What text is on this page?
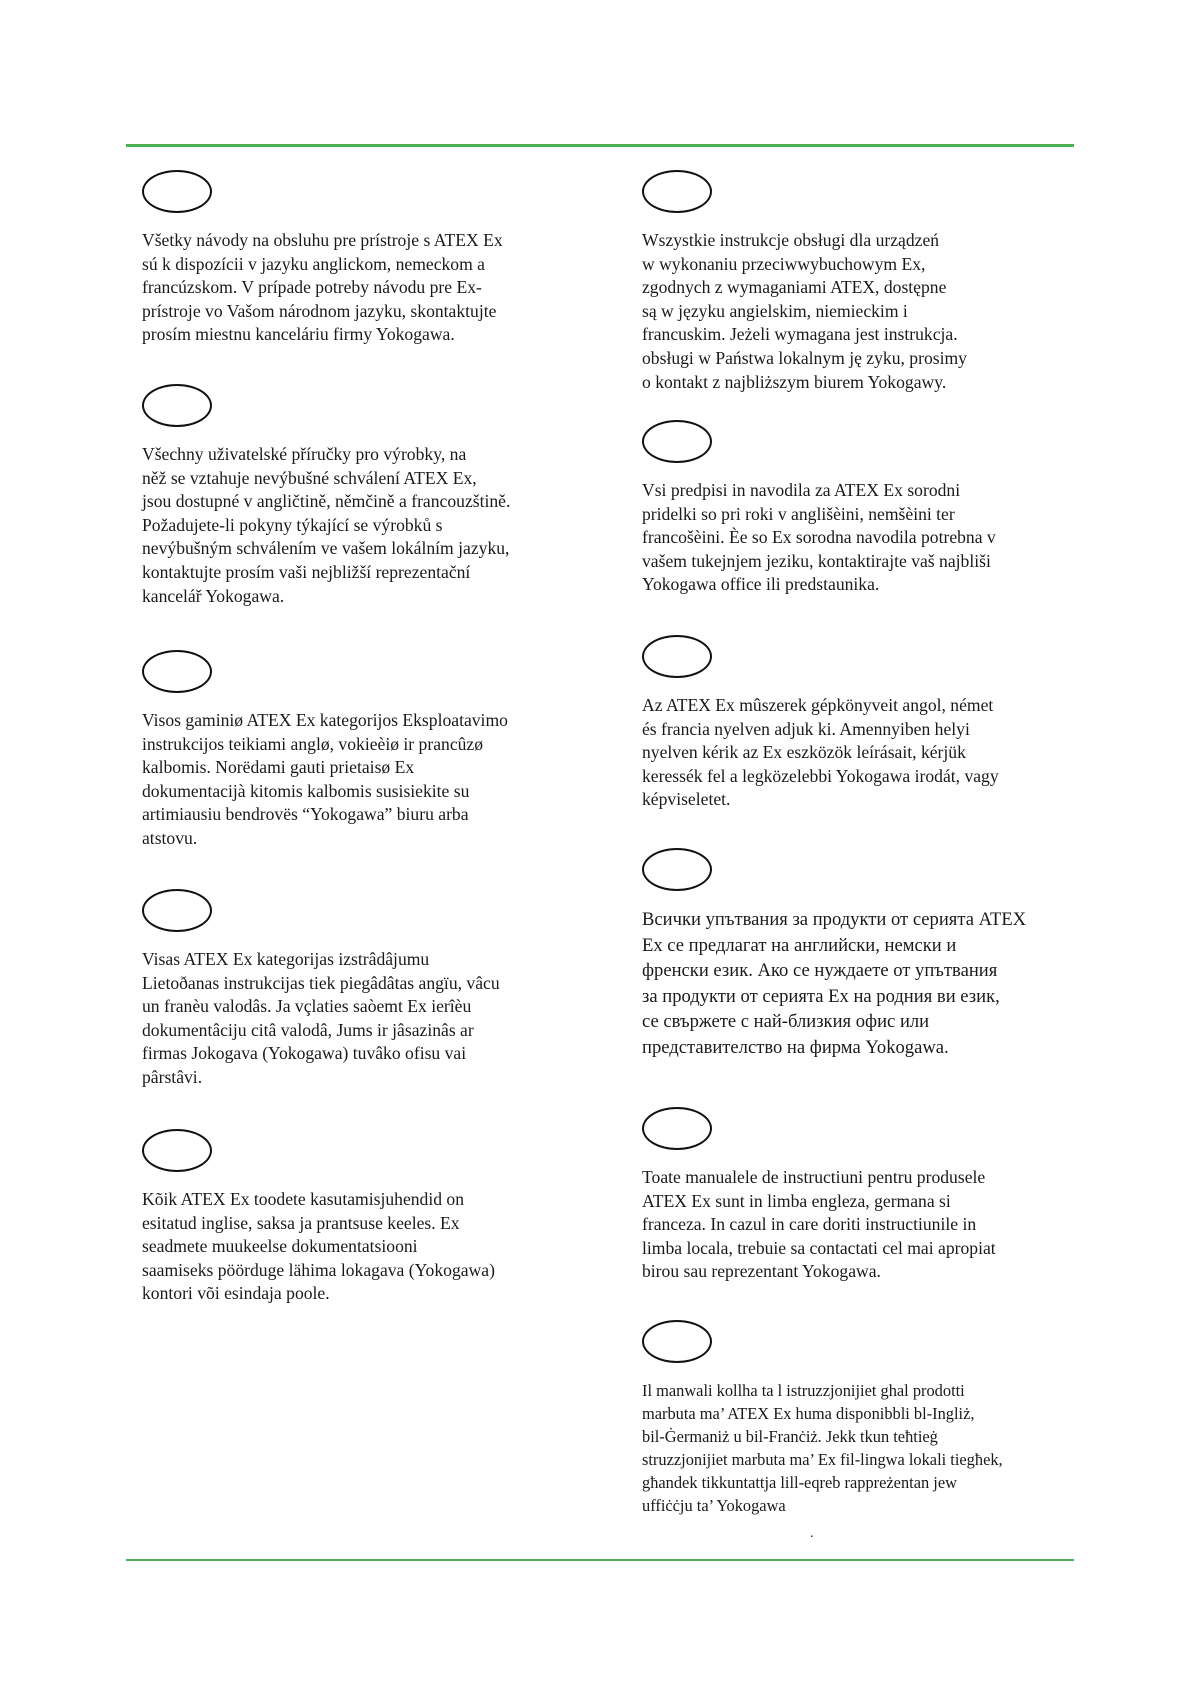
Všetky návody na obsluhu pre prístroje s ATEX Ex
sú k dispozícii v jazyku anglickom, nemeckom a
francúzskom. V prípade potreby návodu pre Ex-
prístroje vo Vašom národnom jazyku, skontaktujte
prosím miestnu kanceláriu firmy Yokogawa.
Všechny uživatelské příručky pro výrobky, na
něž se vztahuje nevýbušné schválení ATEX Ex,
jsou dostupné v angličtině, němčině a francouzštině.
Požadujete-li pokyny týkající se výrobků s
nevýbušným schválením ve vašem lokálním jazyku,
kontaktujte prosím vaši nejbližší reprezentační
kancelář Yokogawa.
Visos gaminiø ATEX Ex kategorijos Eksploatavimo
instrukcijos teikiami anglø, vokieèiø ir prancûzø
kalbomis. Norëdami gauti prietaisø Ex
dokumentacijà kitomis kalbomis susisiekite su
artimiausiu bendrovës “Yokogawa” biuru arba
atstovu.
Visas ATEX Ex kategorijas izstrâdâjumu
Lietoðanas instrukcijas tiek piegâdâtas angïu, vâcu
un franèu valodâs. Ja vçlaties saòemt Ex ierîèu
dokumentâciju citâ valodâ, Jums ir jâsazinâs ar
firmas Jokogava (Yokogawa) tuvâko ofisu vai
pârstâvi.
Kõik ATEX Ex toodete kasutamisjuhendid on
esitatud inglise, saksa ja prantsuse keeles. Ex
seadmete muukeelse dokumentatsiooni
saamiseks pöörduge lähima lokagava (Yokogawa)
kontori või esindaja poole.
Wszystkie instrukcje obsługi dla urządzeń
w wykonaniu przeciwwybuchowym Ex,
zgodnych z wymaganiami ATEX, dostępne
są w języku angielskim, niemieckim i
francuskim. Jeżeli wymagana jest instrukcja.
obsługi w Państwa lokalnym ję zyku, prosimy
o kontakt z najbliższym biurem Yokogawy.
Vsi predpisi in navodila za ATEX Ex sorodni
pridelki so pri roki v anglišèini, nemšèini ter
francošèini. Èe so Ex sorodna navodila potrebna v
vašem tukejnjem jeziku, kontaktirajte vaš najbliši
Yokogawa office ili predstaunika.
Az ATEX Ex mûszerek gépkönyveit angol, német
és francia nyelven adjuk ki. Amennyiben helyi
nyelven kérik az Ex eszközök leírásait, kérjük
keressék fel a legközelebbi Yokogawa irodát, vagy
képviseletet.
Всички упътвания за продукти от серията ATEX
Ex се предлагат на английски, немски и
френски език. Ако се нуждаете от упътвания
за продукти от серията Ex на родния ви език,
се свържете с най-близкия офис или
представителство на фирма Yokogawa.
Toate manualele de instructiuni pentru produsele
ATEX Ex sunt in limba engleza, germana si
franceza. In cazul in care doriti instructiunile in
limba locala, trebuie sa contactati cel mai apropiat
birou sau reprezentant Yokogawa.
Il manwali kollha ta l istruzzjonijiet ghal prodotti
marbuta ma’ ATEX Ex huma disponibbli bl-Ingliż,
bil-Ġermaniż u bil-Franċiż. Jekk tkun teħtieġ
struzzjonijiet marbuta ma’ Ex fil-lingwa lokali tiegħek,
għandek tikkuntattja lill-eqreb rappreżentan jew
uffiċċju ta’ Yokogawa
.
